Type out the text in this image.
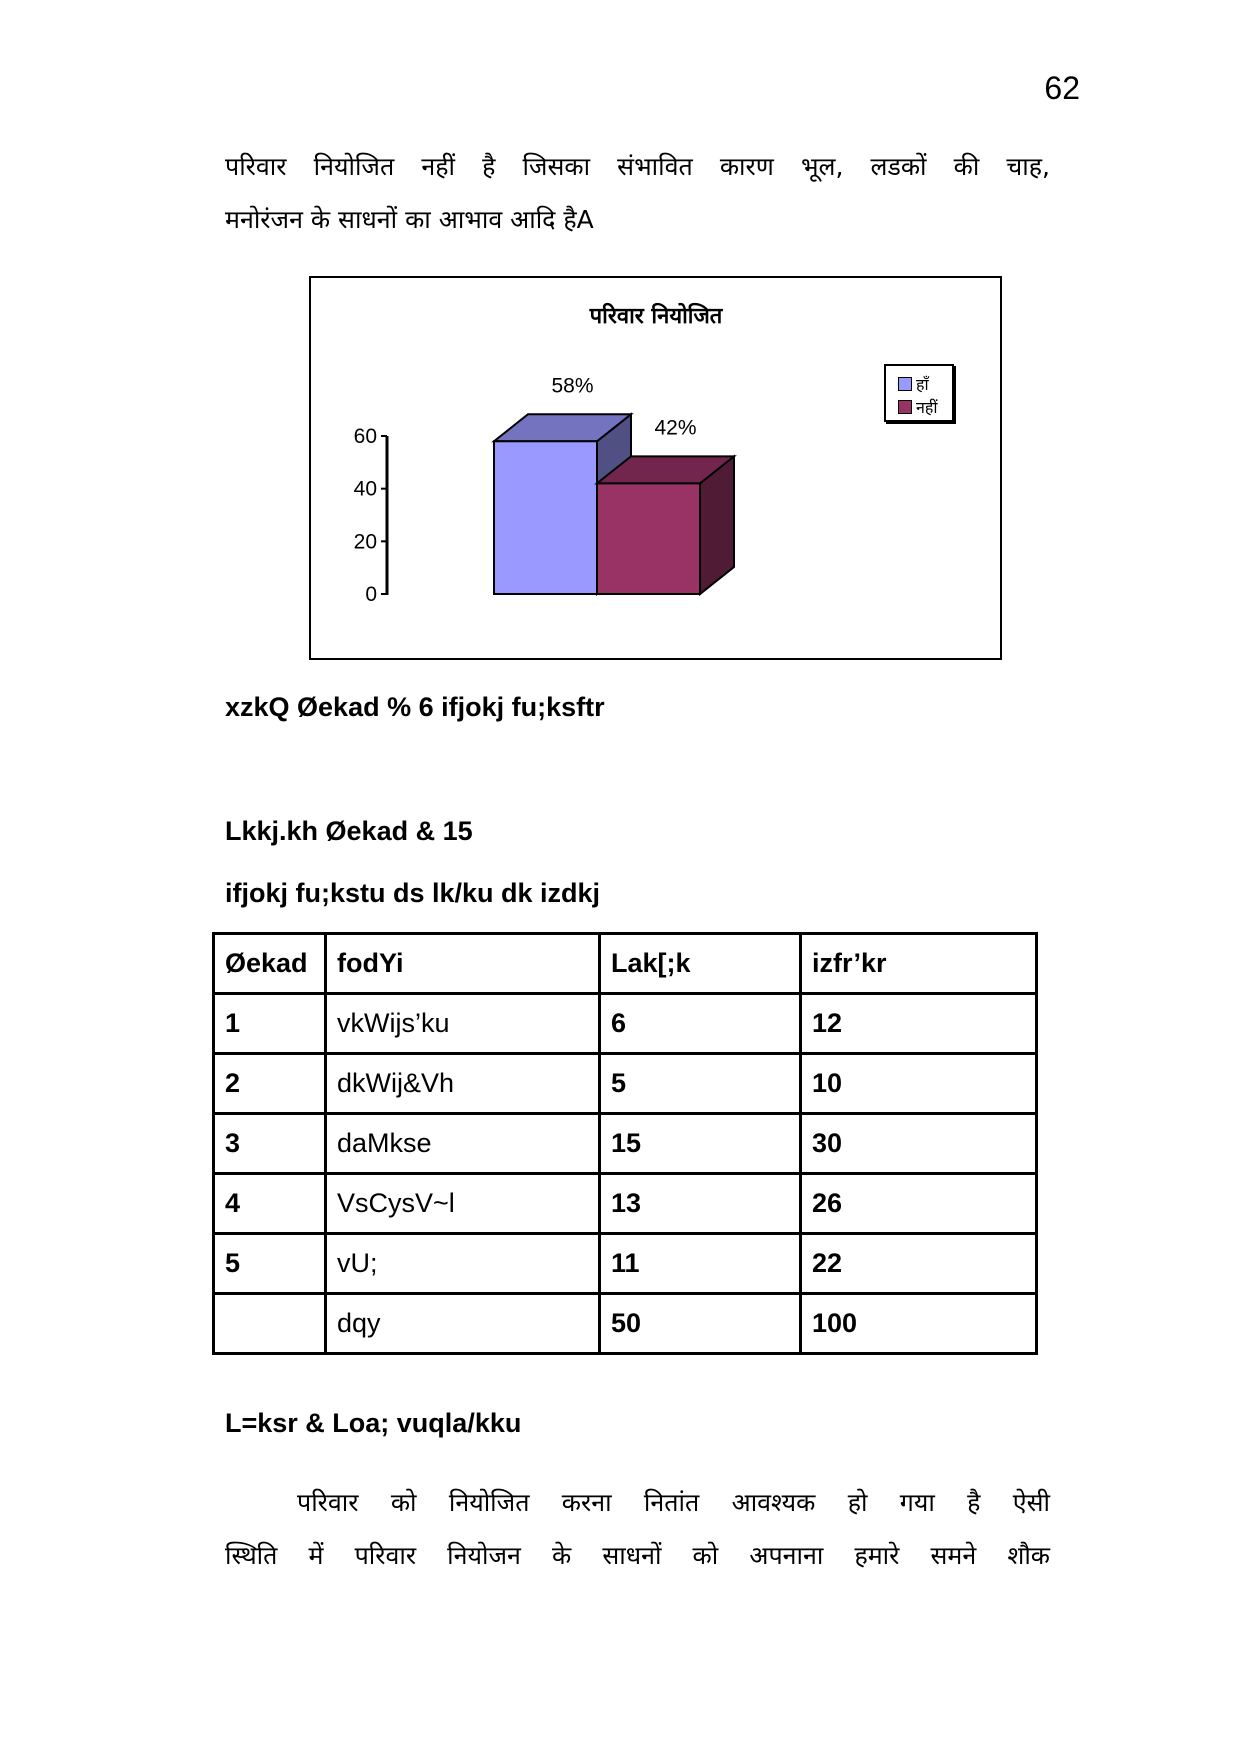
62
परिवार नियोजित नहीं है जिसका संभावित कारण भूल, लडकों की चाह,
मनोरंजन के साधनों का आभाव आदि हैA
परिवार नियोजित
0
20
40
60
58%
42%
हाँ
नहीं
xzkQ Øekad % 6 ifjokj fu;ksftr
Lkkj.kh Øekad & 15
ifjokj fu;kstu ds lk/ku dk izdkj
Øekad	fodYi	Lak[;k	izfr’kr
1	vkWijs’ku	6	12
2	dkWij&Vh	5	10
3	daMkse	15	30
4	VsCysV~l	13	26
5	vU;	11	22
	dqy	50	100
L=ksr & Loa; vuqla/kku
परिवार को नियोजित करना नितांत आवश्यक हो गया है ऐसी
स्थिति में परिवार नियोजन के साधनों को अपनाना हमारे समने शौक
